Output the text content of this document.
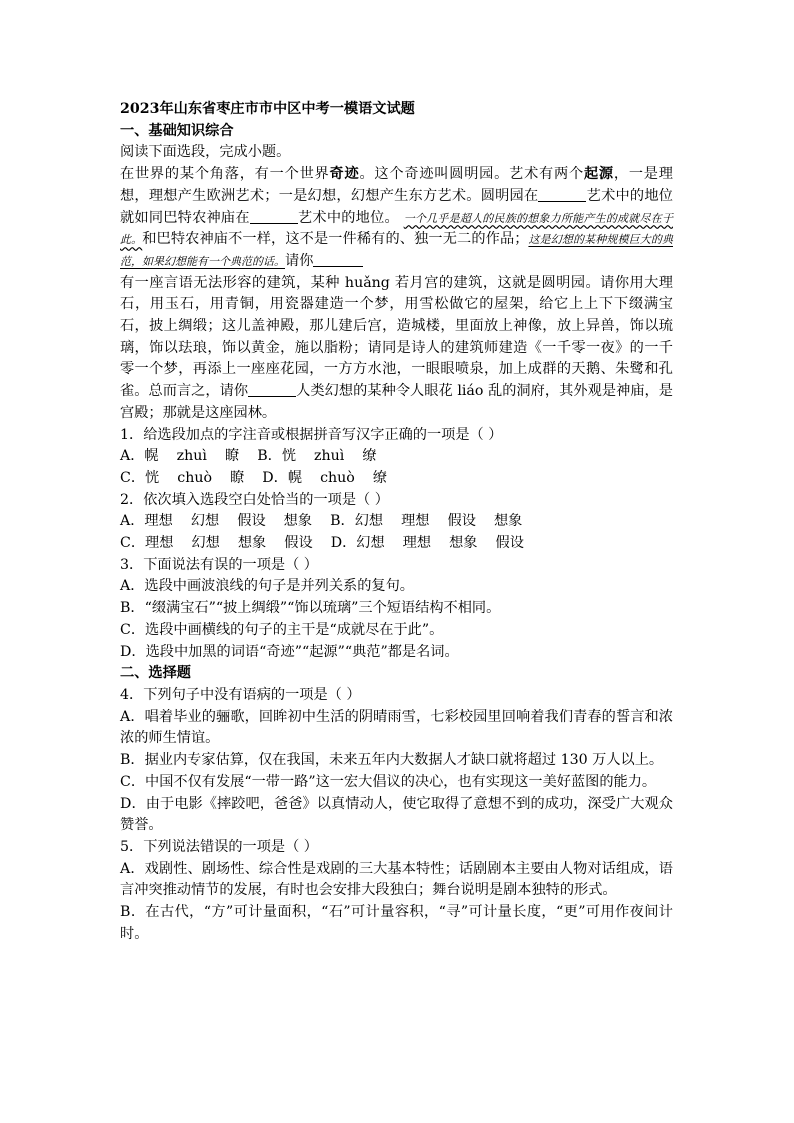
2023年山东省枣庄市市中区中考一模语文试题

一、基础知识综合

阅读下面选段，完成小题。

在世界的某个角落，有一个世界奇迹。这个奇迹叫圆明园。艺术有两个起源，一是理想，理想产生欧洲艺术；一是幻想，幻想产生东方艺术。圆明园在	艺术中的地位就如同巴特农神庙在	艺术中的地位。 一个几乎是超人的民族的想象力所能产生的成就尽在于此。和巴特农神庙不一样，这不是一件稀有的、独一无二的作品；这是幻想的某种规模巨大的典范，如果幻想能有一个典范的话。请你

有一座言语无法形容的建筑，某种 huǎng 若月宫的建筑，这就是圆明园。请你用大理石，用玉石，用青铜，用瓷器建造一个梦，用雪松做它的屋架，给它上上下下缀满宝石，披上绸缎；这儿盖神殿，那儿建后宫，造城楼，里面放上神像，放上异兽，饰以琉璃，饰以珐琅，饰以黄金，施以脂粉；请同是诗人的建筑师建造《一千零一夜》的一千零一个梦，再添上一座座花园，一方方水池，一眼眼喷泉，加上成群的天鹅、朱鹭和孔雀。总而言之，请你	人类幻想的某种令人眼花 liáo 乱的洞府，其外观是神庙，是宫殿；那就是这座园林。

1．给选段加点的字注音或根据拼音写汉字正确的一项是（ ）

A．幌    zhuì    瞭    B．恍    zhuì    缭

C．恍    chuò    瞭    D．幌    chuò    缭

2．依次填入选段空白处恰当的一项是（ ）

A．理想    幻想    假设    想象    B．幻想    理想    假设    想象

C．理想    幻想    想象    假设    D．幻想    理想    想象    假设

3．下面说法有误的一项是（ ）

A．选段中画波浪线的句子是并列关系的复句。

B．“缀满宝石”“披上绸缎”“饰以琉璃”三个短语结构不相同。

C．选段中画横线的句子的主干是“成就尽在于此”。

D．选段中加黑的词语“奇迹”“起源”“典范”都是名词。

二、选择题

4．下列句子中没有语病的一项是（ ）

A．唱着毕业的骊歌，回眸初中生活的阴晴雨雪，七彩校园里回响着我们青春的誓言和浓浓的师生情谊。

B．据业内专家估算，仅在我国，未来五年内大数据人才缺口就将超过 130 万人以上。

C．中国不仅有发展“一带一路”这一宏大倡议的决心，也有实现这一美好蓝图的能力。

D．由于电影《摔跤吧，爸爸》以真情动人，使它取得了意想不到的成功，深受广大观众赞誉。

5．下列说法错误的一项是（ ）

A．戏剧性、剧场性、综合性是戏剧的三大基本特性；话剧剧本主要由人物对话组成，语言冲突推动情节的发展，有时也会安排大段独白；舞台说明是剧本独特的形式。

B．在古代，“方”可计量面积，“石”可计量容积，“寻”可计量长度，“更”可用作夜间计时。
